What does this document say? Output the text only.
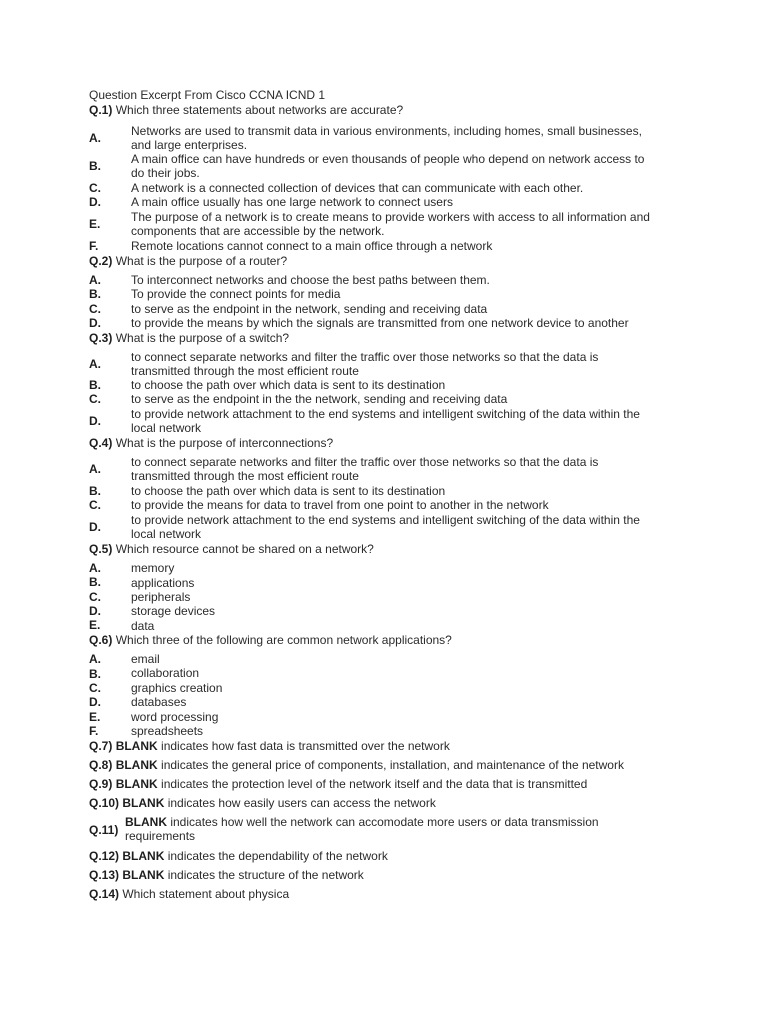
Question Excerpt From Cisco CCNA ICND 1
Q.1) Which three statements about networks are accurate?
A.	Networks are used to transmit data in various environments, including homes, small businesses,
and large enterprises.
B.	A main office can have hundreds or even thousands of people who depend on network access to
do their jobs.
C.	A network is a connected collection of devices that can communicate with each other.
D.	A main office usually has one large network to connect users
E.	The purpose of a network is to create means to provide workers with access to all information and
components that are accessible by the network.
F.	Remote locations cannot connect to a main office through a network
Q.2) What is the purpose of a router?
A.	To interconnect networks and choose the best paths between them.
B.	To provide the connect points for media
C.	to serve as the endpoint in the network, sending and receiving data
D.	to provide the means by which the signals are transmitted from one network device to another
Q.3) What is the purpose of a switch?
A.	to connect separate networks and filter the traffic over those networks so that the data is
transmitted through the most efficient route
B.	to choose the path over which data is sent to its destination
C.	to serve as the endpoint in the the network, sending and receiving data
D.	to provide network attachment to the end systems and intelligent switching of the data within the
local network
Q.4) What is the purpose of interconnections?
A.	to connect separate networks and filter the traffic over those networks so that the data is
transmitted through the most efficient route
B.	to choose the path over which data is sent to its destination
C.	to provide the means for data to travel from one point to another in the network
D.	to provide network attachment to the end systems and intelligent switching of the data within the
local network
Q.5) Which resource cannot be shared on a network?
A.	memory
B.	applications
C.	peripherals
D.	storage devices
E.	data
Q.6) Which three of the following are common network applications?
A.	email
B.	collaboration
C.	graphics creation
D.	databases
E.	word processing
F.	spreadsheets
Q.7) BLANK indicates how fast data is transmitted over the network
Q.8) BLANK indicates the general price of components, installation, and maintenance of the network
Q.9) BLANK indicates the protection level of the network itself and the data that is transmitted
Q.10) BLANK indicates how easily users can access the network
Q.11)
BLANK indicates how well the network can accomodate more users or data transmission
requirements
Q.12) BLANK indicates the dependability of the network
Q.13) BLANK indicates the structure of the network
Q.14) Which statement about physica
